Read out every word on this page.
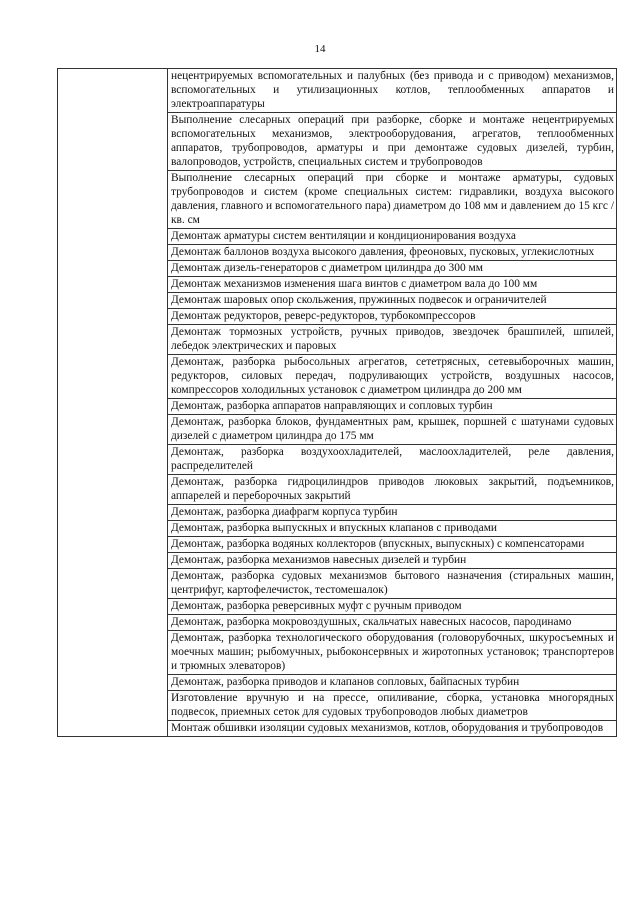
14
нецентрируемых вспомогательных и палубных (без привода и с приводом) механизмов, вспомогательных и утилизационных котлов, теплообменных аппаратов и электроаппаратуры
Выполнение слесарных операций при разборке, сборке и монтаже нецентрируемых вспомогательных механизмов, электрооборудования, агрегатов, теплообменных аппаратов, трубопроводов, арматуры и при демонтаже судовых дизелей, турбин, валопроводов, устройств, специальных систем и трубопроводов
Выполнение слесарных операций при сборке и монтаже арматуры, судовых трубопроводов и систем (кроме специальных систем: гидравлики, воздуха высокого давления, главного и вспомогательного пара) диаметром до 108 мм и давлением до 15 кгс / кв. см
Демонтаж арматуры систем вентиляции и кондиционирования воздуха
Демонтаж баллонов воздуха высокого давления, фреоновых, пусковых, углекислотных
Демонтаж дизель-генераторов с диаметром цилиндра до 300 мм
Демонтаж механизмов изменения шага винтов с диаметром вала до 100 мм
Демонтаж шаровых опор скольжения, пружинных подвесок и ограничителей
Демонтаж редукторов, реверс-редукторов, турбокомпрессоров
Демонтаж тормозных устройств, ручных приводов, звездочек брашпилей, шпилей, лебедок электрических и паровых
Демонтаж, разборка рыбосольных агрегатов, сететрясных, сетевыборочных машин, редукторов, силовых передач, подруливающих устройств, воздушных насосов, компрессоров холодильных установок с диаметром цилиндра до 200 мм
Демонтаж, разборка аппаратов направляющих и сопловых турбин
Демонтаж, разборка блоков, фундаментных рам, крышек, поршней с шатунами судовых дизелей с диаметром цилиндра до 175 мм
Демонтаж, разборка воздухоохладителей, маслоохладителей, реле давления, распределителей
Демонтаж, разборка гидроцилиндров приводов люковых закрытий, подъемников, аппарелей и переборочных закрытий
Демонтаж, разборка диафрагм корпуса турбин
Демонтаж, разборка выпускных и впускных клапанов с приводами
Демонтаж, разборка водяных коллекторов (впускных, выпускных) с компенсаторами
Демонтаж, разборка механизмов навесных дизелей и турбин
Демонтаж, разборка судовых механизмов бытового назначения (стиральных машин, центрифуг, картофелечисток, тестомешалок)
Демонтаж, разборка реверсивных муфт с ручным приводом
Демонтаж, разборка мокровоздушных, скальчатых навесных насосов, пародинамо
Демонтаж, разборка технологического оборудования (головорубочных, шкуросъемных и моечных машин; рыбомучных, рыбоконсервных и жиротопных установок; транспортеров и трюмных элеваторов)
Демонтаж, разборка приводов и клапанов сопловых, байпасных турбин
Изготовление вручную и на прессе, опиливание, сборка, установка многорядных подвесок, приемных сеток для судовых трубопроводов любых диаметров
Монтаж обшивки изоляции судовых механизмов, котлов, оборудования и трубопроводов
